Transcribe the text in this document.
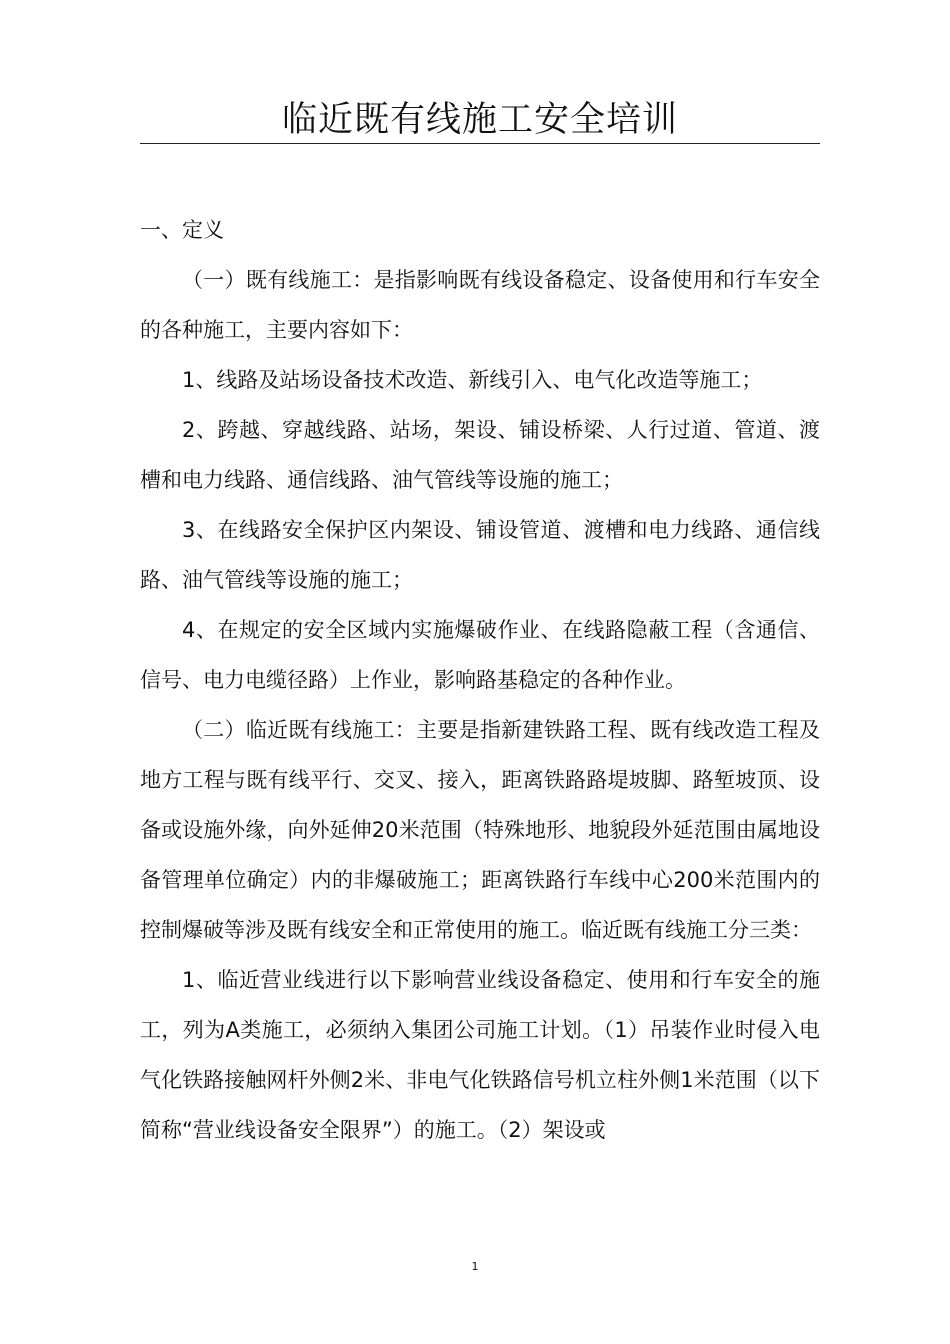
临近既有线施工安全培训

一、定义

（一）既有线施工：是指影响既有线设备稳定、设备使用和行车安全的各种施工，主要内容如下：

1、线路及站场设备技术改造、新线引入、电气化改造等施工；

2、跨越、穿越线路、站场，架设、铺设桥梁、人行过道、管道、渡槽和电力线路、通信线路、油气管线等设施的施工；

3、在线路安全保护区内架设、铺设管道、渡槽和电力线路、通信线路、油气管线等设施的施工；

4、在规定的安全区域内实施爆破作业、在线路隐蔽工程（含通信、信号、电力电缆径路）上作业，影响路基稳定的各种作业。

（二）临近既有线施工：主要是指新建铁路工程、既有线改造工程及地方工程与既有线平行、交叉、接入，距离铁路路堤坡脚、路堑坡顶、设备或设施外缘，向外延伸20米范围（特殊地形、地貌段外延范围由属地设备管理单位确定）内的非爆破施工；距离铁路行车线中心200米范围内的控制爆破等涉及既有线安全和正常使用的施工。临近既有线施工分三类：

1、临近营业线进行以下影响营业线设备稳定、使用和行车安全的施工，列为A类施工，必须纳入集团公司施工计划。（1）吊装作业时侵入电气化铁路接触网杆外侧2米、非电气化铁路信号机立柱外侧1米范围（以下简称“营业线设备安全限界”）的施工。（2）架设或

1
